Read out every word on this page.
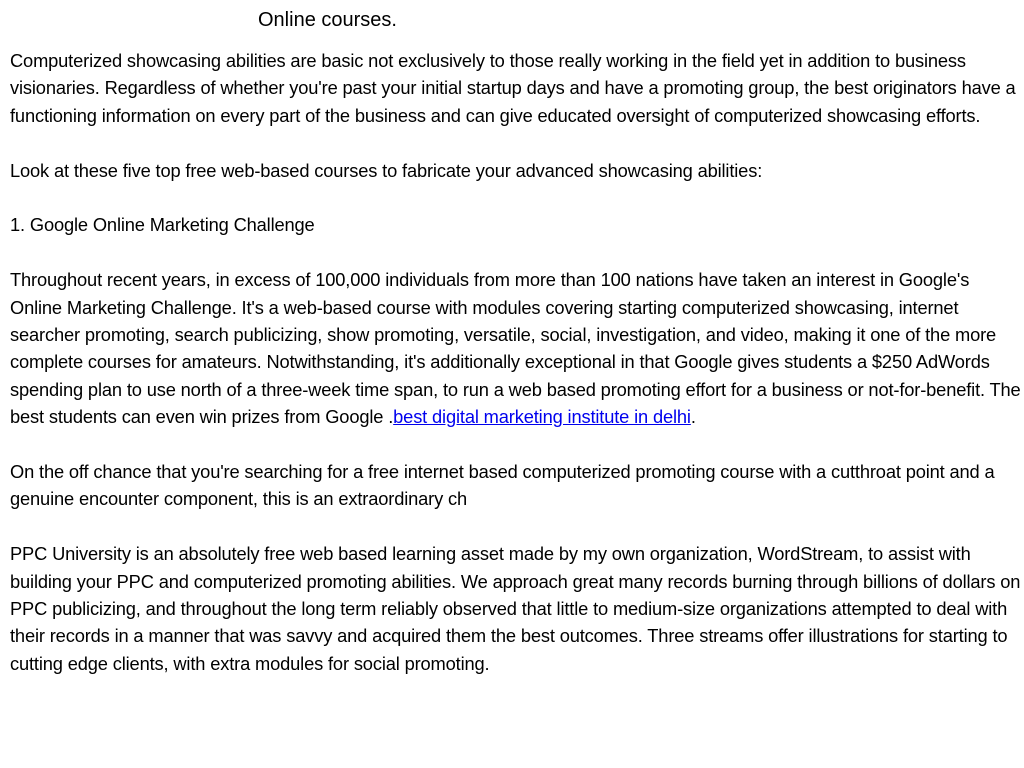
Online courses.

Computerized showcasing abilities are basic not exclusively to those really working in the field yet in addition to business visionaries. Regardless of whether you're past your initial startup days and have a promoting group, the best originators have a functioning information on every part of the business and can give educated oversight of computerized showcasing efforts.

Look at these five top free web-based courses to fabricate your advanced showcasing abilities:

1. Google Online Marketing Challenge

Throughout recent years, in excess of 100,000 individuals from more than 100 nations have taken an interest in Google's Online Marketing Challenge. It's a web-based course with modules covering starting computerized showcasing, internet searcher promoting, search publicizing, show promoting, versatile, social, investigation, and video, making it one of the more complete courses for amateurs. Notwithstanding, it's additionally exceptional in that Google gives students a $250 AdWords spending plan to use north of a three-week time span, to run a web based promoting effort for a business or not-for-benefit. The best students can even win prizes from Google .best digital marketing institute in delhi.

On the off chance that you're searching for a free internet based computerized promoting course with a cutthroat point and a genuine encounter component, this is an extraordinary ch

PPC University is an absolutely free web based learning asset made by my own organization, WordStream, to assist with building your PPC and computerized promoting abilities. We approach great many records burning through billions of dollars on PPC publicizing, and throughout the long term reliably observed that little to medium-size organizations attempted to deal with their records in a manner that was savvy and acquired them the best outcomes. Three streams offer illustrations for starting to cutting edge clients, with extra modules for social promoting.
